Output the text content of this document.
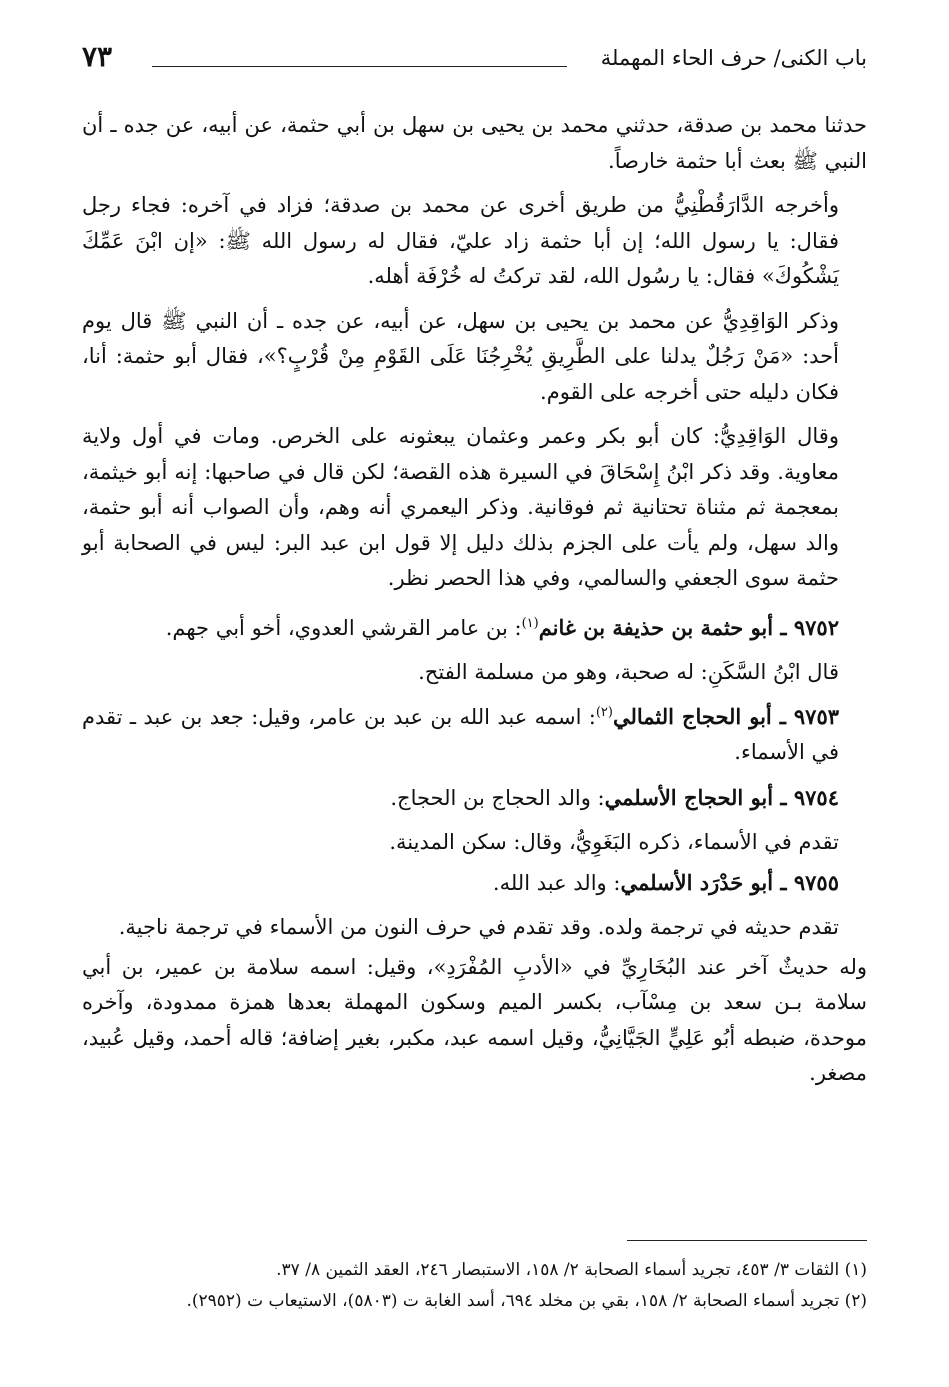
باب الكنى/ حرف الحاء المهملة
٧٣

حدثنا محمد بن صدقة، حدثني محمد بن يحيى بن سهل بن أبي حثمة، عن أبيه، عن جده ـ أن النبي ﷺ بعث أبا حثمة خارصاً.

وأخرجه الدَّارَقُطْنِيُّ من طريق أخرى عن محمد بن صدقة؛ فزاد في آخره: فجاء رجل فقال: يا رسول الله؛ إن أبا حثمة زاد عليّ، فقال له رسول الله ﷺ: «إن ابْنَ عَمِّكَ يَشْكُوكَ» فقال: يا رسُول الله، لقد تركتُ له خُرْفَة أهله.

وذكر الوَاقِدِيُّ عن محمد بن يحيى بن سهل، عن أبيه، عن جده ـ أن النبي ﷺ قال يوم أحد: «مَنْ رَجُلٌ يدلنا على الطَّرِيقِ يُخْرِجُنَا عَلَى القَوْمِ مِنْ قُرْبٍ؟»، فقال أبو حثمة: أنا، فكان دليله حتى أخرجه على القوم.

وقال الوَاقِدِيُّ: كان أبو بكر وعمر وعثمان يبعثونه على الخرص. ومات في أول ولاية معاوية. وقد ذكر ابْنُ إِسْحَاقَ في السيرة هذه القصة؛ لكن قال في صاحبها: إنه أبو خيثمة، بمعجمة ثم مثناة تحتانية ثم فوقانية. وذكر اليعمري أنه وهم، وأن الصواب أنه أبو حثمة، والد سهل، ولم يأت على الجزم بذلك دليل إلا قول ابن عبد البر: ليس في الصحابة أبو حثمة سوى الجعفي والسالمي، وفي هذا الحصر نظر.

٩٧٥٢ ـ أبو حثمة بن حذيفة بن غانم$^{(١)}$: بن عامر القرشي العدوي، أخو أبي جهم.
قال ابْنُ السَّكَنِ: له صحبة، وهو من مسلمة الفتح.
٩٧٥٣ ـ أبو الحجاج الثمالي$^{(٢)}$: اسمه عبد الله بن عبد بن عامر، وقيل: جعد بن عبد ـ تقدم في الأسماء.
٩٧٥٤ ـ أبو الحجاج الأسلمي: والد الحجاج بن الحجاج.
تقدم في الأسماء، ذكره البَغَوِيُّ، وقال: سكن المدينة.
٩٧٥٥ ـ أبو حَدْرَد الأسلمي: والد عبد الله.
تقدم حديثه في ترجمة ولده. وقد تقدم في حرف النون من الأسماء في ترجمة ناجية.

وله حديثٌ آخر عند البُخَارِيِّ في «الأدبِ المُفْرَدِ»، وقيل: اسمه سلامة بن عمير، بن أبي سلامة بـن سعد بن مِسْآب، بكسر الميم وسكون المهملة بعدها همزة ممدودة، وآخره موحدة، ضبطه أبُو عَلِيٍّ الجَيَّانِيُّ، وقيل اسمه عبد، مكبر، بغير إضافة؛ قاله أحمد، وقيل عُبيد، مصغر.

(١) الثقات ٣/ ٤٥٣، تجريد أسماء الصحابة ٢/ ١٥٨، الاستبصار ٢٤٦، العقد الثمين ٨/ ٣٧.

(٢) تجريد أسماء الصحابة ٢/ ١٥٨، بقي بن مخلد ٦٩٤، أسد الغابة ت (٥٨٠٣)، الاستيعاب ت (٢٩٥٢).
